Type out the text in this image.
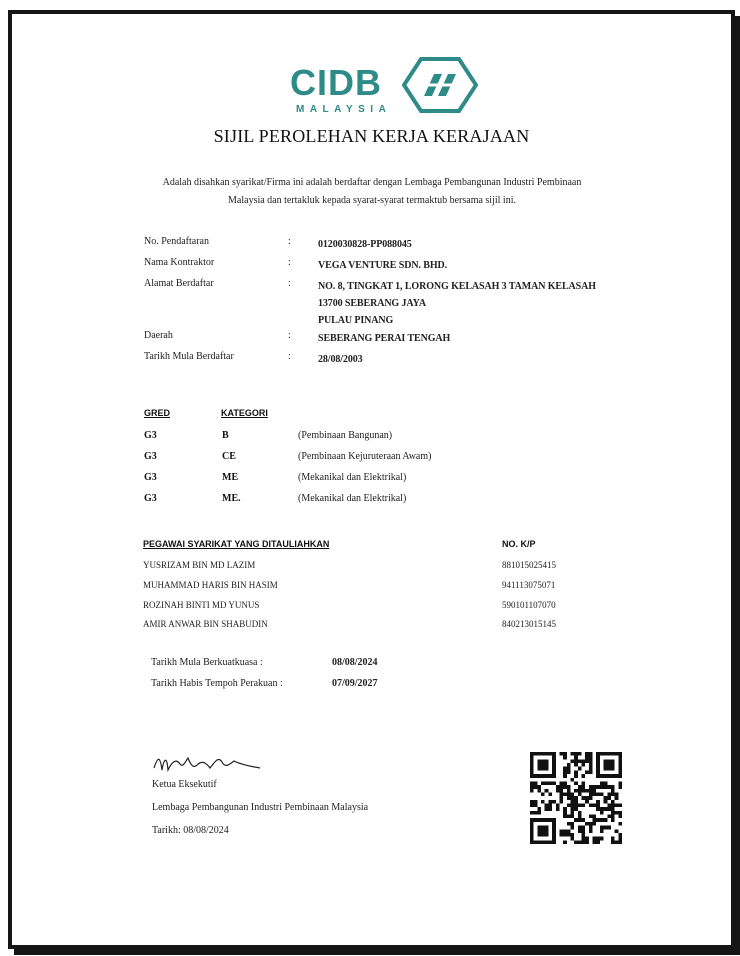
CIDB
MALAYSIA
SIJIL PEROLEHAN KERJA KERAJAAN
Adalah disahkan syarikat/Firma ini adalah berdaftar dengan Lembaga Pembangunan Industri Pembinaan
Malaysia dan tertakluk kepada syarat-syarat termaktub bersama sijil ini.
No. Pendaftaran	:	0120030828-PP088045
Nama Kontraktor	:	VEGA VENTURE SDN. BHD.
Alamat Berdaftar	:	NO. 8, TINGKAT 1, LORONG KELASAH 3 TAMAN KELASAH
13700 SEBERANG JAYA
PULAU PINANG
Daerah	:	SEBERANG PERAI TENGAH
Tarikh Mula Berdaftar	:	28/08/2003
GRED	KATEGORI
G3	B	(Pembinaan Bangunan)
G3	CE	(Pembinaan Kejuruteraan Awam)
G3	ME	(Mekanikal dan Elektrikal)
G3	ME.	(Mekanikal dan Elektrikal)
PEGAWAI SYARIKAT YANG DITAULIAHKAN	NO. K/P
YUSRIZAM BIN MD LAZIM	881015025415
MUHAMMAD HARIS BIN HASIM	941113075071
ROZINAH BINTI MD YUNUS	590101107070
AMIR ANWAR BIN SHABUDIN	840213015145
Tarikh Mula Berkuatkuasa :	08/08/2024
Tarikh Habis Tempoh Perakuan :	07/09/2027
Ketua Eksekutif
Lembaga Pembangunan Industri Pembinaan Malaysia
Tarikh: 08/08/2024
